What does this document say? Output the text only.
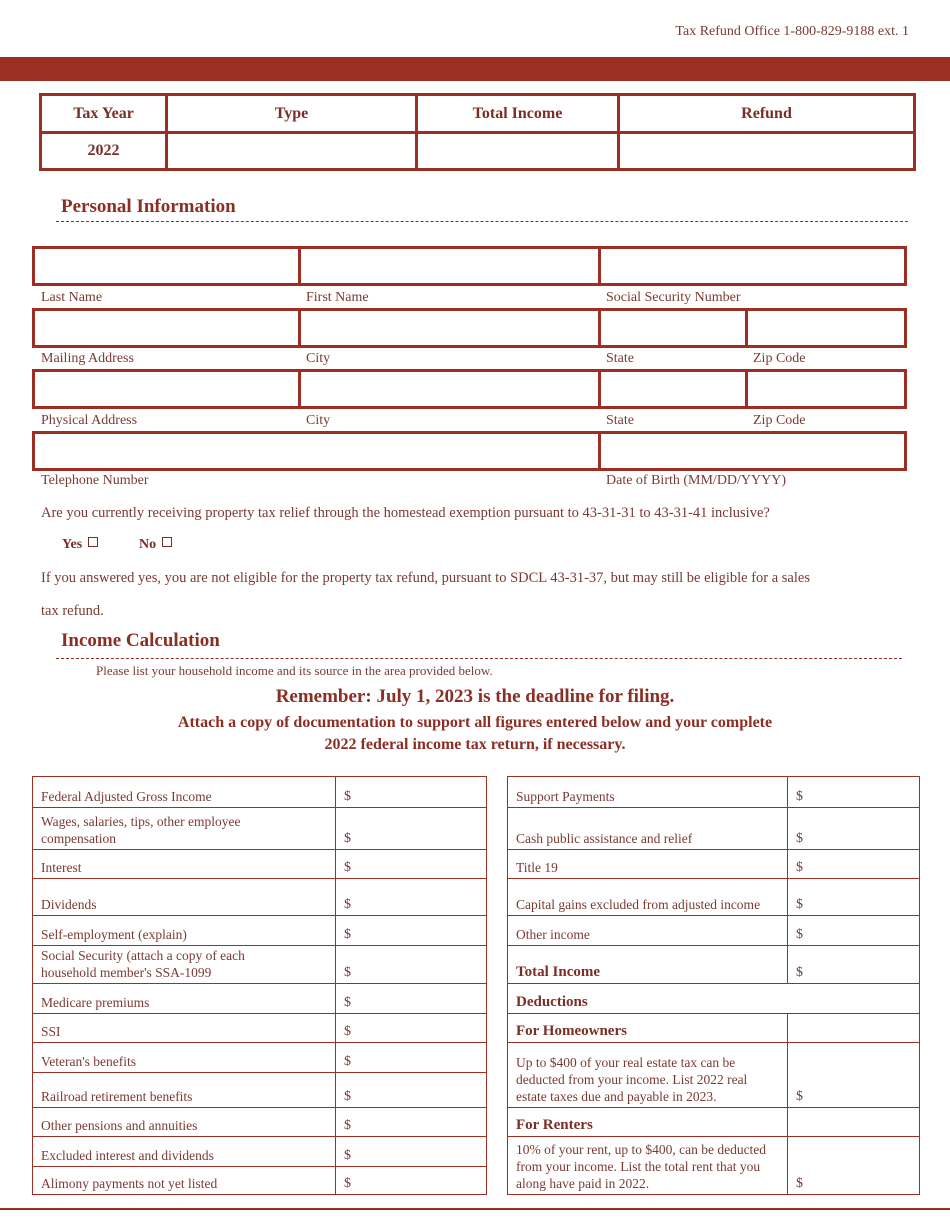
Tax Refund Office 1-800-829-9188 ext. 1
Tax Year	Type	Total Income	Refund
2022
Personal Information
Last Name	First Name	Social Security Number
Mailing Address	City	State	Zip Code
Physical Address	City	State	Zip Code
Telephone Number	Date of Birth (MM/DD/YYYY)
Are you currently receiving property tax relief through the homestead exemption pursuant to 43-31-31 to 43-31-41 inclusive?
Yes	No
If you answered yes, you are not eligible for the property tax refund, pursuant to SDCL 43-31-37, but may still be eligible for a sales
tax refund.
Income Calculation
Please list your household income and its source in the area provided below.
Remember: July 1, 2023 is the deadline for filing.
Attach a copy of documentation to support all figures entered below and your complete
2022 federal income tax return, if necessary.
Federal Adjusted Gross Income	$
Wages, salaries, tips, other employee compensation	$
Interest	$
Dividends	$
Self-employment (explain)	$
Social Security (attach a copy of each household member's SSA-1099	$
Medicare premiums	$
SSI	$
Veteran's benefits	$
Railroad retirement benefits	$
Other pensions and annuities	$
Excluded interest and dividends	$
Alimony payments not yet listed	$
Support Payments	$
Cash public assistance and relief	$
Title 19	$
Capital gains excluded from adjusted income	$
Other income	$
Total Income	$
Deductions
For Homeowners
Up to $400 of your real estate tax can be deducted from your income. List 2022 real estate taxes due and payable in 2023.	$
For Renters
10% of your rent, up to $400, can be deducted from your income. List the total rent that you along have paid in 2022.	$
